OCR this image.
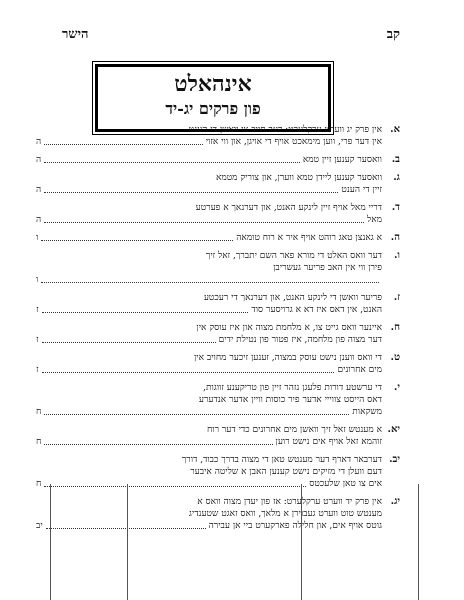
קב
הישר
אינהאלט
פון פרקים יג-יד
א.
אין פרק יג ווערט ערקלערט: דער חיוב צו וואשן די הענט
אין דער פרי, ווען מימאכט אויף די אויגן, און ווי אזוי
ה
ב.
וואסער קענען זיין טמא
ה
ג.
וואסער קענען ליידן טמא ווערן, און צוריק מטמא
זיין די הענט
ה
ד.
דריי מאל אויף זיין לינקע האנט, און דערנאך א פערטע
מאל
ה
ה.
א גאנצן טאג רוהט אויף איר א רוח טומאה
ו
ו.
דער וואס האלט די מורא פאר השם יתברך, זאל זיך
פירן ווי אין האב פריער געשריבן
ו
ז.
פריער וואשן די לינקע האנט, און דערנאך די רעכטע
האנט, אין דאס איז דא א גרויסער סוד
ז
ח.
איינער וואס גייט צו, א מלחמת מצוה און איז עוסק אין
דער מצוה פון מלחמה, איז פטור פון נטילת ידים
ז
ט.
די וואס ווענן נישט עוסק במצוה, זענען זיכער מחויב אין
מים אחרונים
ז
י.
די ערשטע דורות פלעגן נזהר זיין פון טריקענע זווגות,
דאס הייסט צווייי אדער פיר כוסות וויין אדער אנדערע
משקאות
ח
יא.
א מענטש זאל זיך וואשן מים אחרונים כדי דער רוח
זוהמא זאל אויף אים נישט רוען
ח
יב.
דערבאר דארף דער מענטש טאן די מצוה בדרך כבוד, דורך
דעם וועלן די מזיקים נישט קענען האבן א שליטה איבער
אים צו טאן שלעכטס
ח
יג.
אין פרק יד ווערט ערקלערט: אז פון יעדן מצוה וואס א
מענטש טוט ווערט געבוירן א מלאך, וואס זאגט שטענדיג
גוטס אויף אים, און חלילה פארקערט ביי אן עבירה
יב
